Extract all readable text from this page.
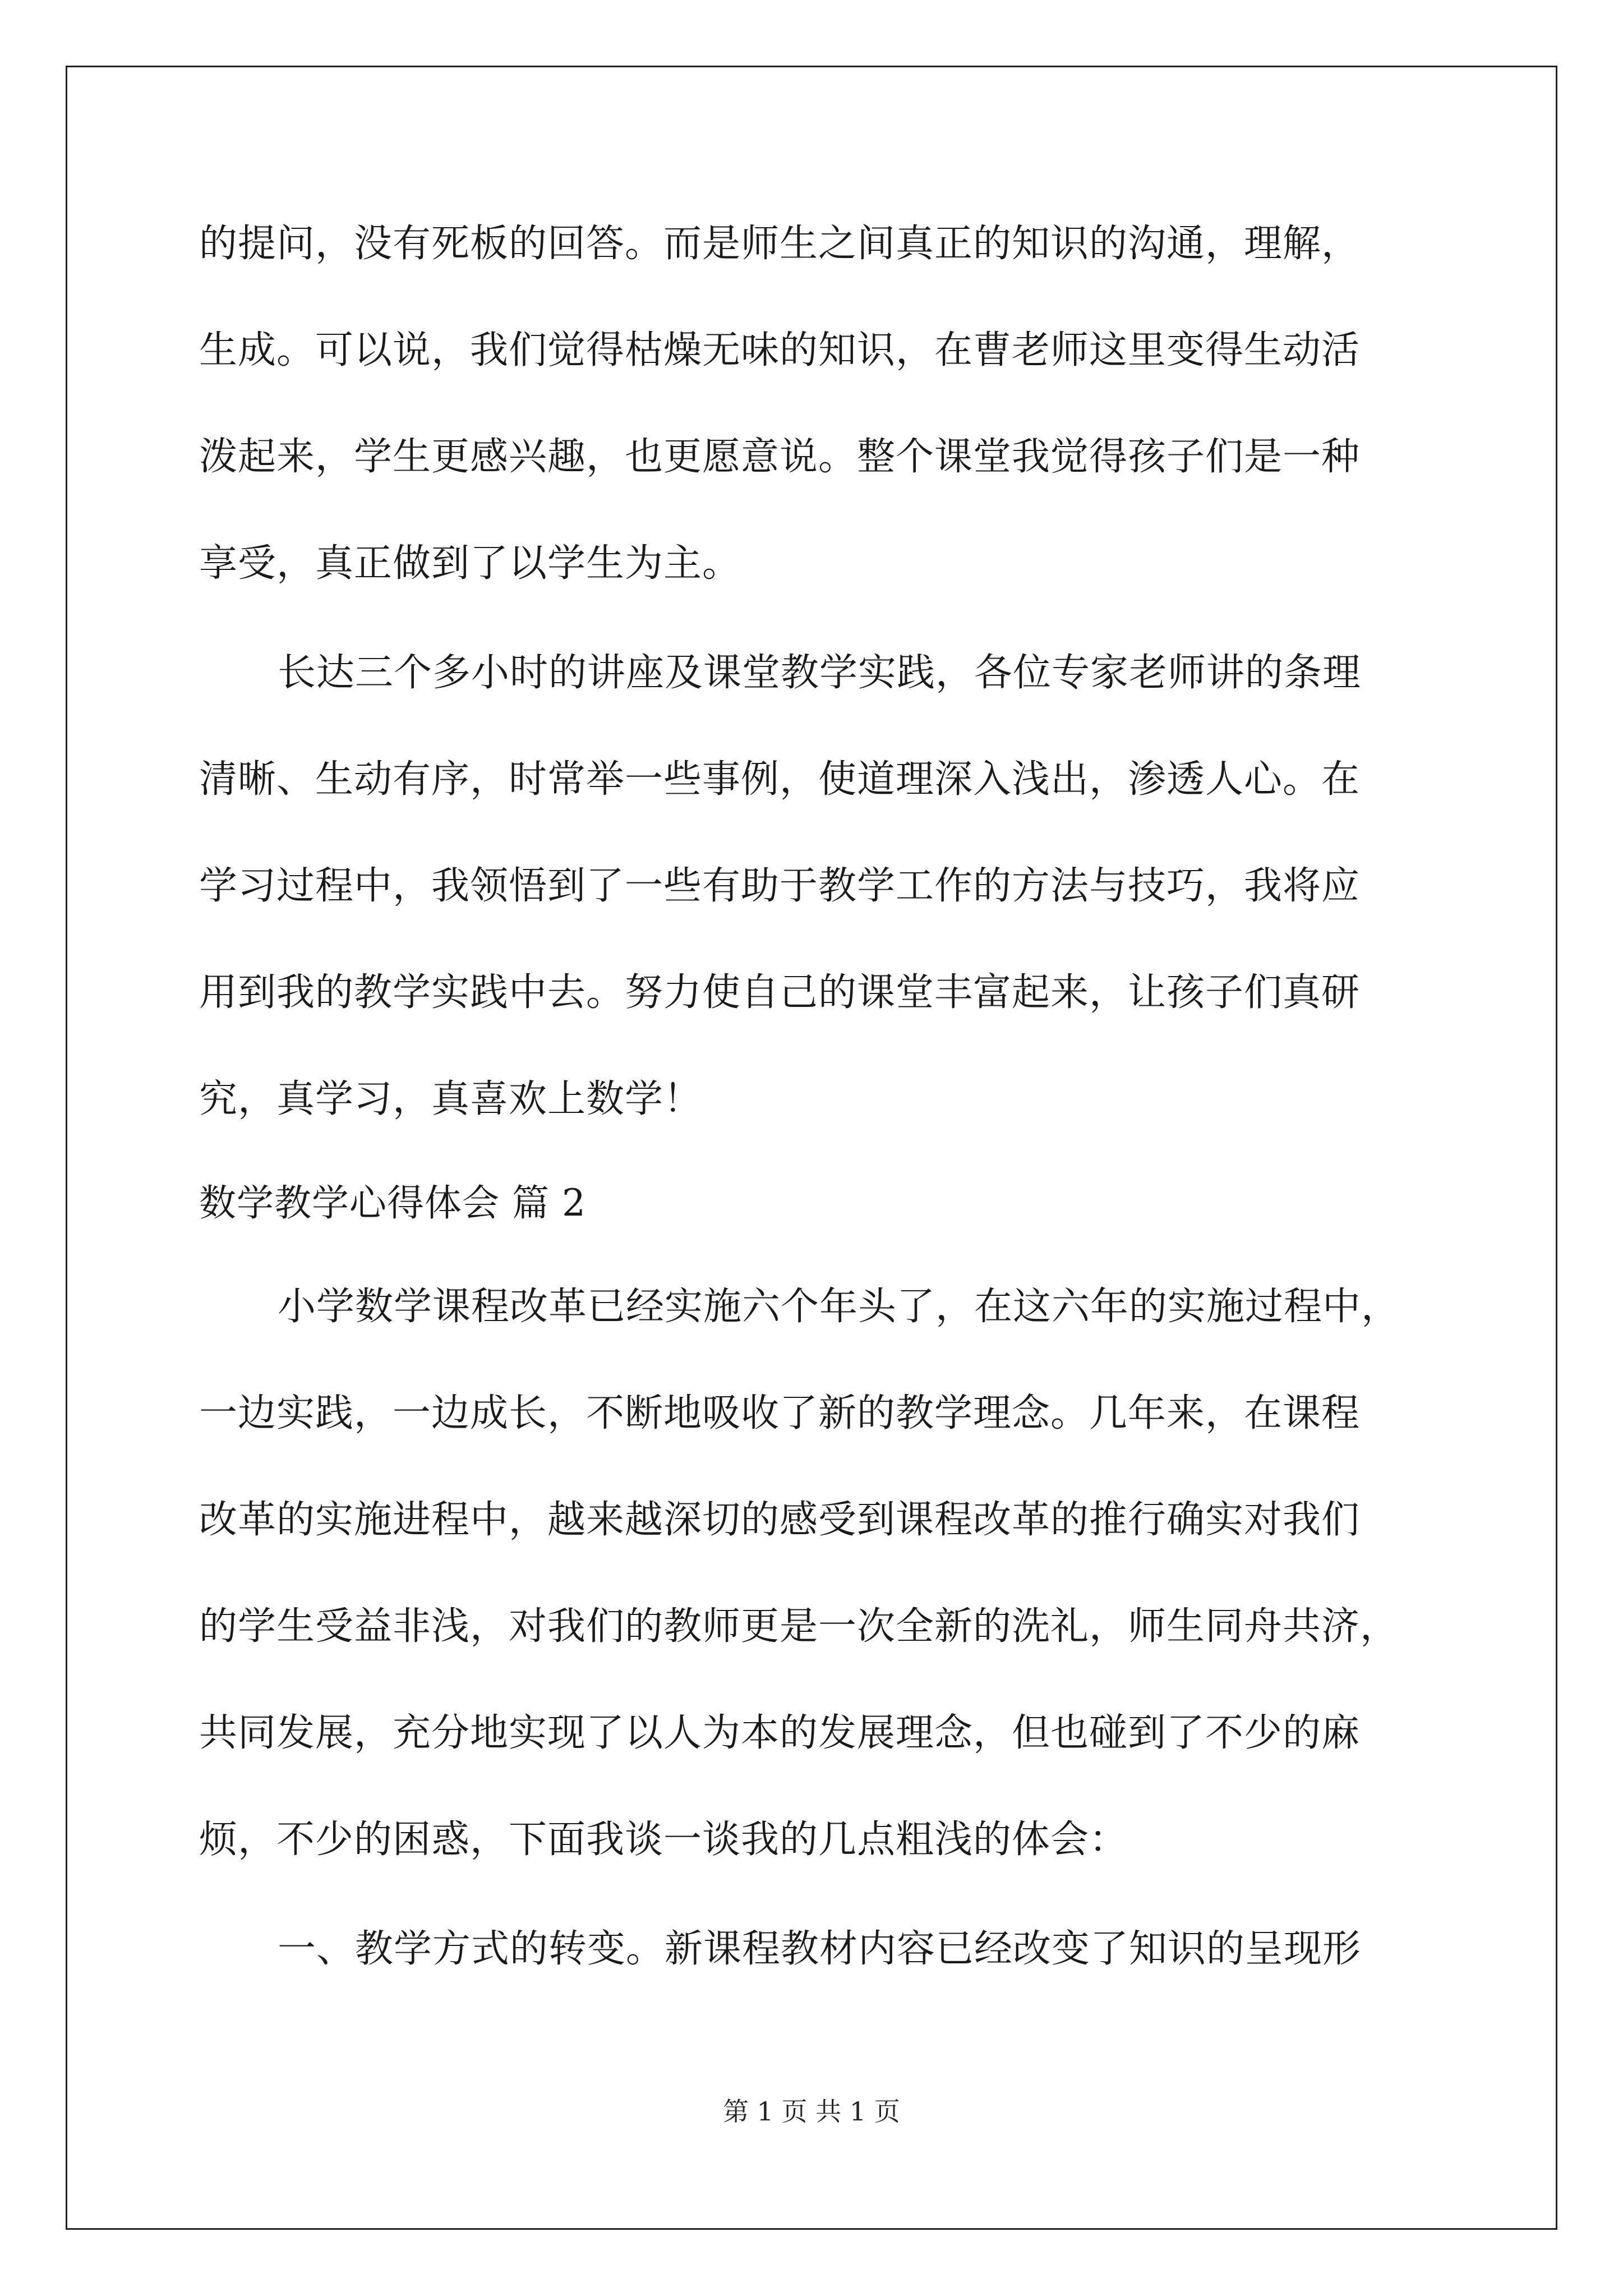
的提问，没有死板的回答。而是师生之间真正的知识的沟通，理解，
生成。可以说，我们觉得枯燥无味的知识，在曹老师这里变得生动活
泼起来，学生更感兴趣，也更愿意说。整个课堂我觉得孩子们是一种
享受，真正做到了以学生为主。
长达三个多小时的讲座及课堂教学实践，各位专家老师讲的条理
清晰、生动有序，时常举一些事例，使道理深入浅出，渗透人心。在
学习过程中，我领悟到了一些有助于教学工作的方法与技巧，我将应
用到我的教学实践中去。努力使自己的课堂丰富起来，让孩子们真研
究，真学习，真喜欢上数学！
数学教学心得体会 篇 2
小学数学课程改革已经实施六个年头了，在这六年的实施过程中，
一边实践，一边成长，不断地吸收了新的教学理念。几年来，在课程
改革的实施进程中，越来越深切的感受到课程改革的推行确实对我们
的学生受益非浅，对我们的教师更是一次全新的洗礼，师生同舟共济，
共同发展，充分地实现了以人为本的发展理念，但也碰到了不少的麻
烦，不少的困惑，下面我谈一谈我的几点粗浅的体会：
一、教学方式的转变。新课程教材内容已经改变了知识的呈现形
第 1 页 共 1 页
